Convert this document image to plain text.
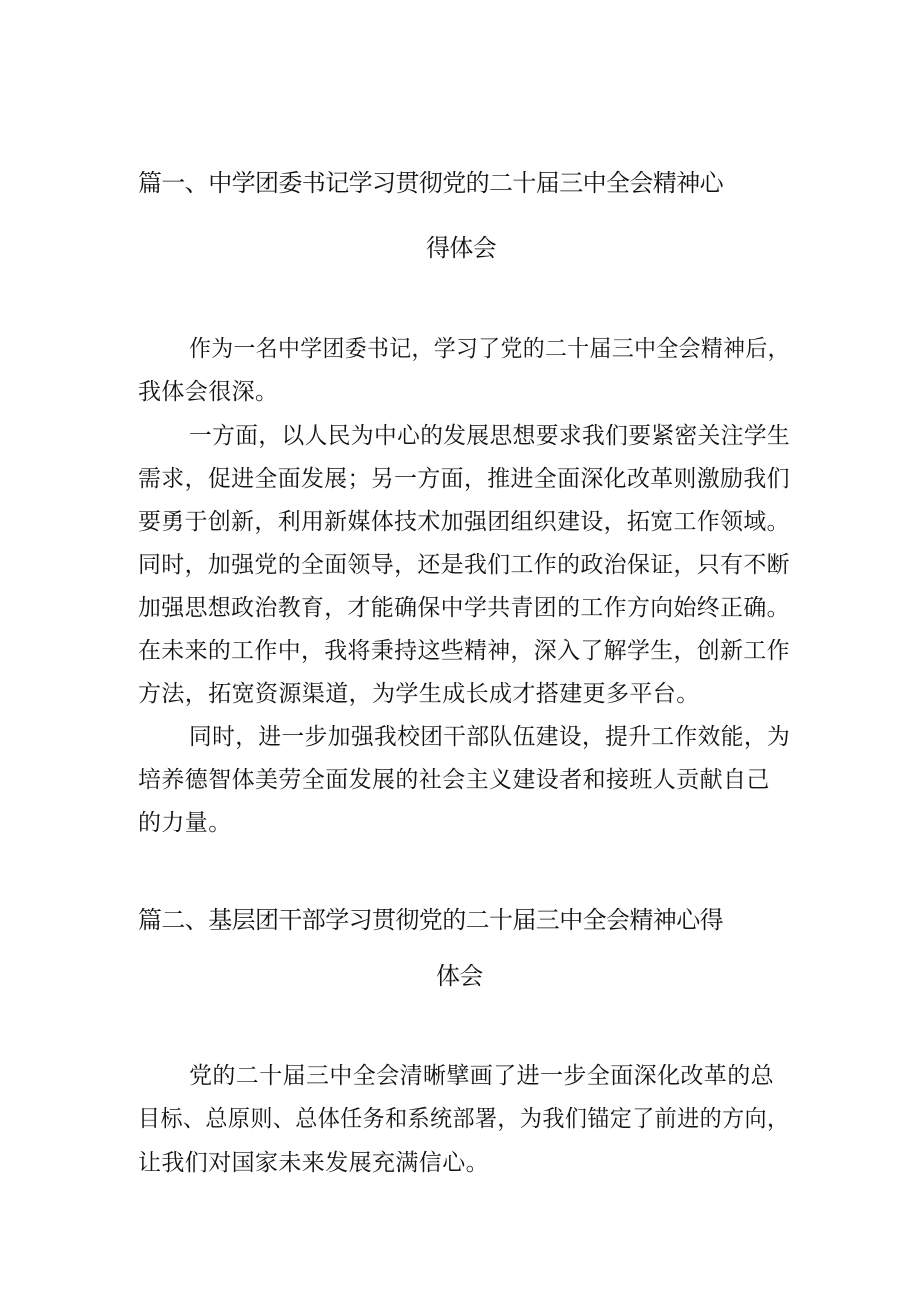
篇一、中学团委书记学习贯彻党的二十届三中全会精神心
得体会
作为一名中学团委书记，学习了党的二十届三中全会精神后，
我体会很深。
一方面，以人民为中心的发展思想要求我们要紧密关注学生
需求，促进全面发展；另一方面，推进全面深化改革则激励我们
要勇于创新，利用新媒体技术加强团组织建设，拓宽工作领域。
同时，加强党的全面领导，还是我们工作的政治保证，只有不断
加强思想政治教育，才能确保中学共青团的工作方向始终正确。
在未来的工作中，我将秉持这些精神，深入了解学生，创新工作
方法，拓宽资源渠道，为学生成长成才搭建更多平台。
同时，进一步加强我校团干部队伍建设，提升工作效能，为
培养德智体美劳全面发展的社会主义建设者和接班人贡献自己
的力量。
篇二、基层团干部学习贯彻党的二十届三中全会精神心得
体会
党的二十届三中全会清晰擘画了进一步全面深化改革的总
目标、总原则、总体任务和系统部署，为我们锚定了前进的方向，
让我们对国家未来发展充满信心。
